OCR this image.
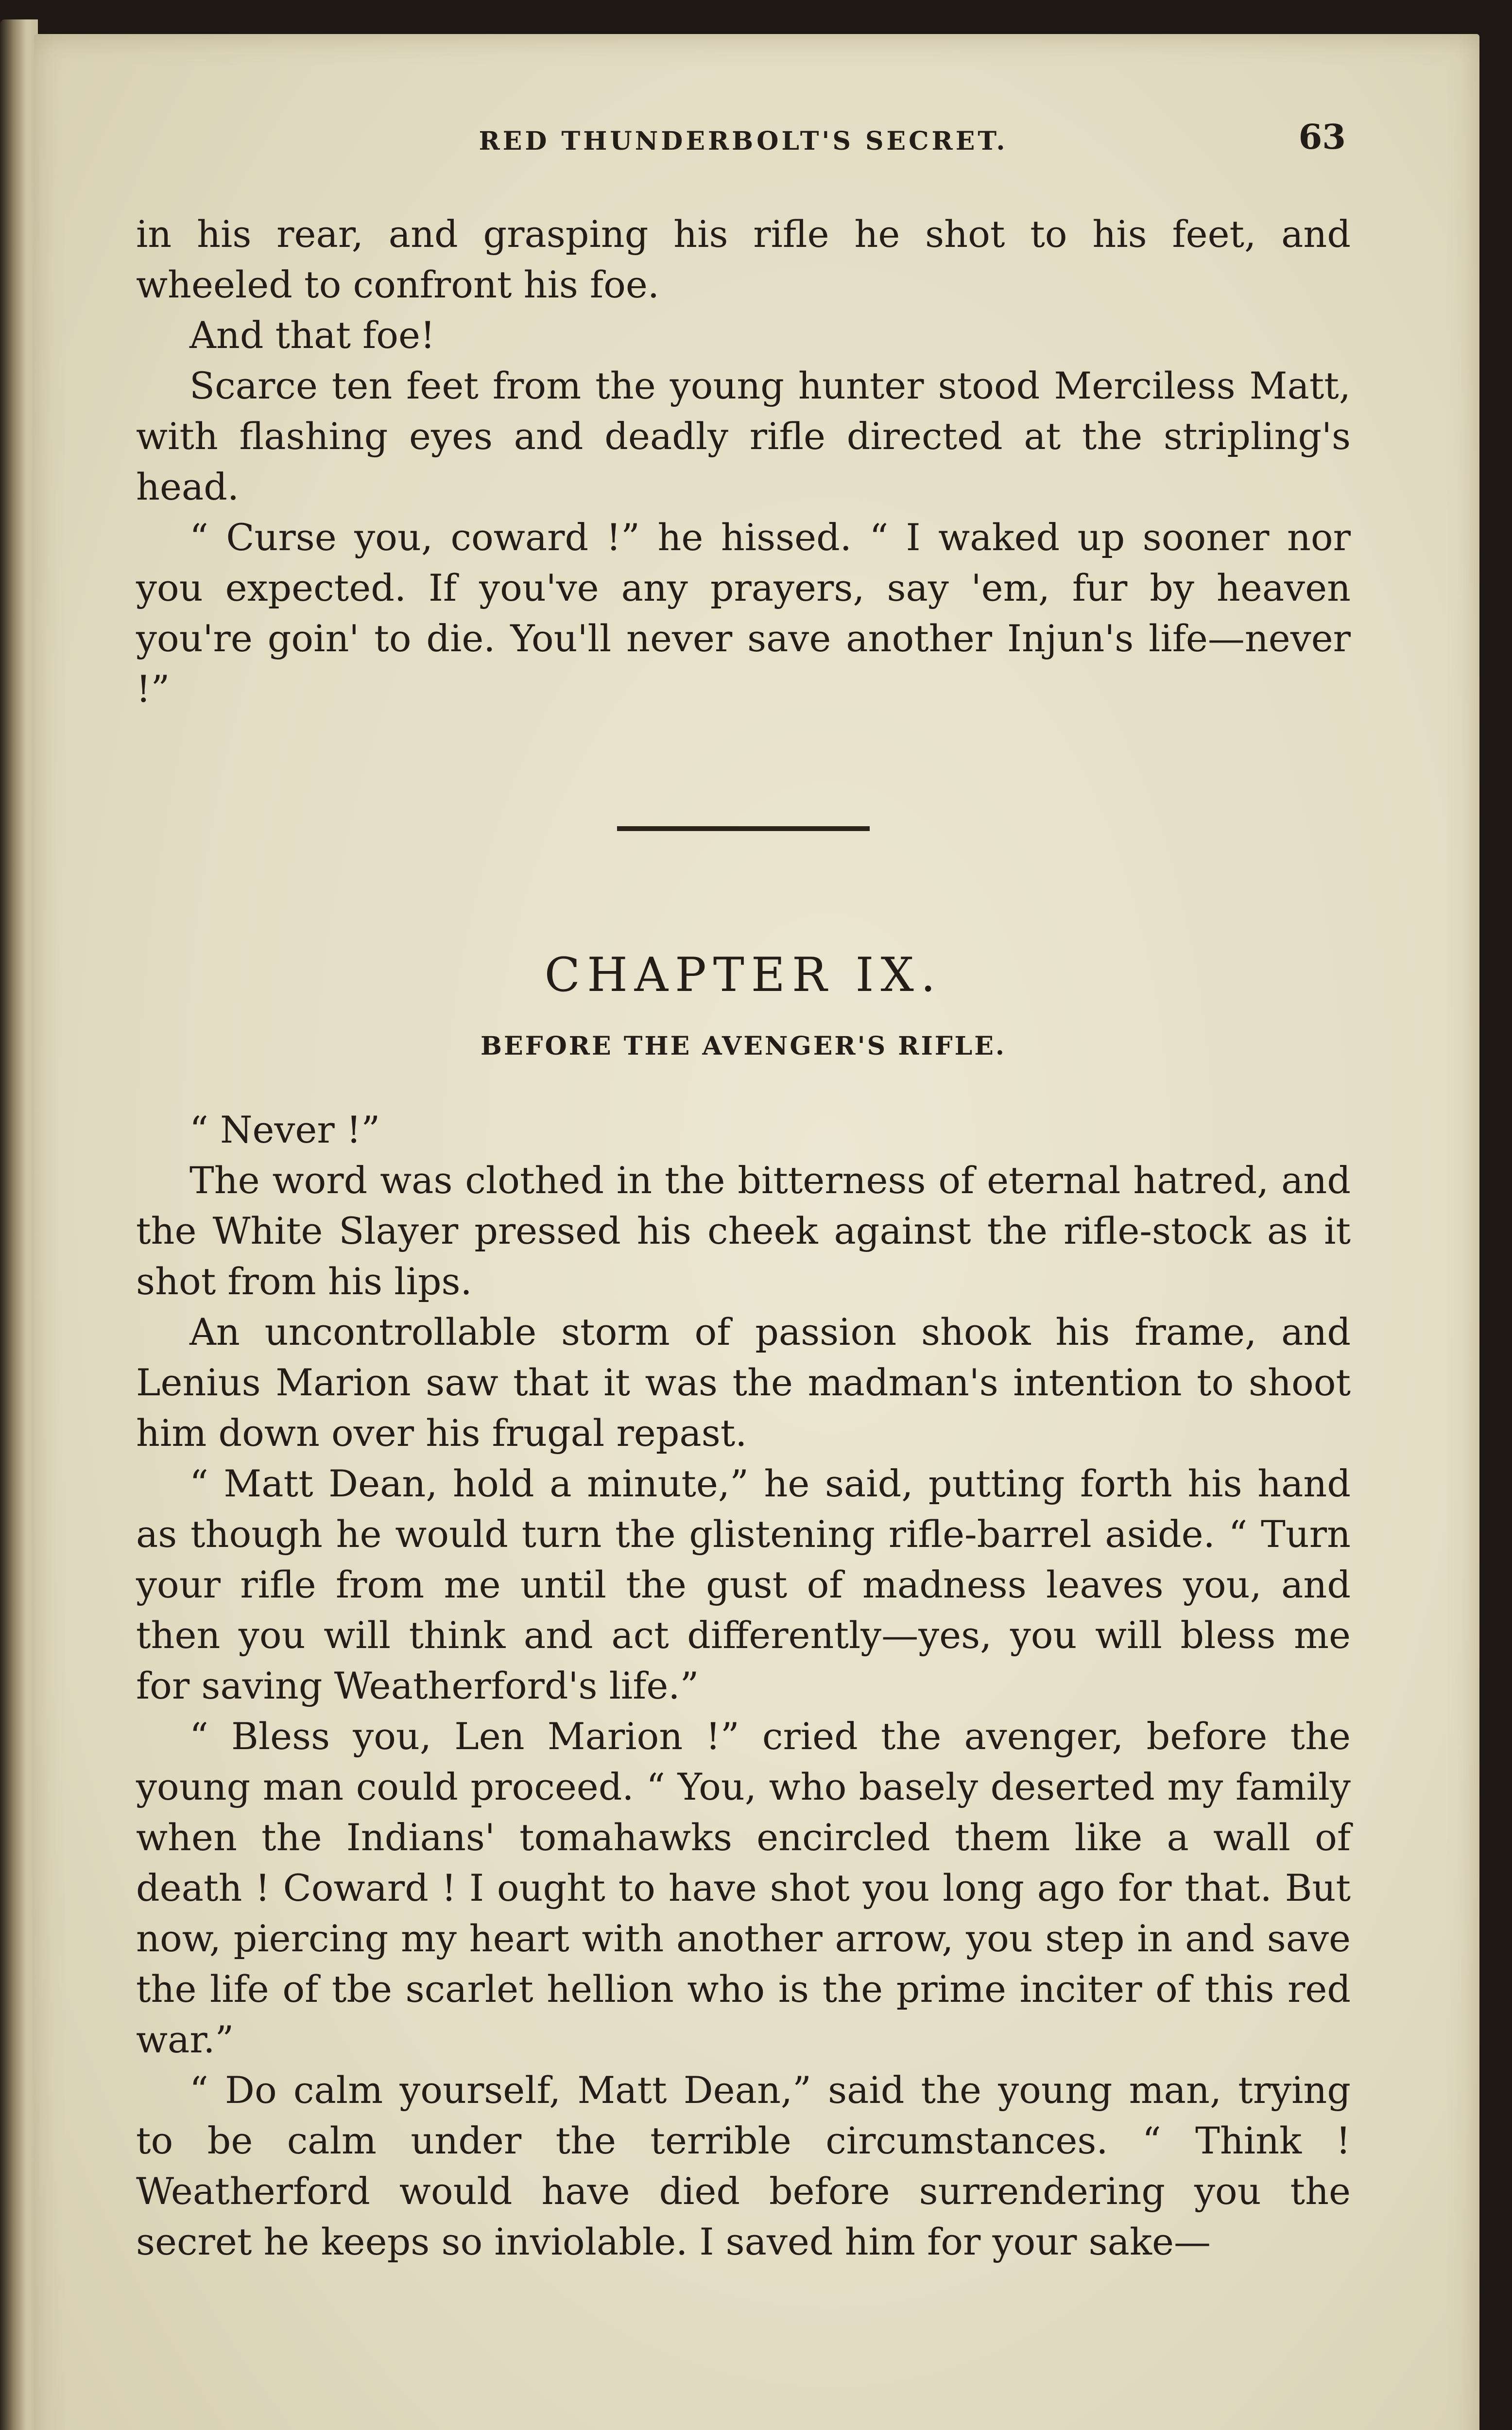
RED THUNDERBOLT'S SECRET.	63

in his rear, and grasping his rifle he shot to his feet, and wheeled to confront his foe.

And that foe!

Scarce ten feet from the young hunter stood Merciless Matt, with flashing eyes and deadly rifle directed at the stripling's head.

“ Curse you, coward !” he hissed. “ I waked up sooner nor you expected. If you've any prayers, say 'em, fur by heaven you're goin' to die. You'll never save another Injun's life—never !”

CHAPTER IX.
BEFORE THE AVENGER'S RIFLE.

“ Never !”

The word was clothed in the bitterness of eternal hatred, and the White Slayer pressed his cheek against the rifle-stock as it shot from his lips.

An uncontrollable storm of passion shook his frame, and Lenius Marion saw that it was the madman's intention to shoot him down over his frugal repast.

“ Matt Dean, hold a minute,” he said, putting forth his hand as though he would turn the glistening rifle-barrel aside. “ Turn your rifle from me until the gust of madness leaves you, and then you will think and act differently—yes, you will bless me for saving Weatherford's life.”

“ Bless you, Len Marion !” cried the avenger, before the young man could proceed. “ You, who basely deserted my family when the Indians' tomahawks encircled them like a wall of death ! Coward ! I ought to have shot you long ago for that. But now, piercing my heart with another arrow, you step in and save the life of tbe scarlet hellion who is the prime inciter of this red war.”

“ Do calm yourself, Matt Dean,” said the young man, trying to be calm under the terrible circumstances. “ Think ! Weatherford would have died before surrendering you the secret he keeps so inviolable. I saved him for your sake—
